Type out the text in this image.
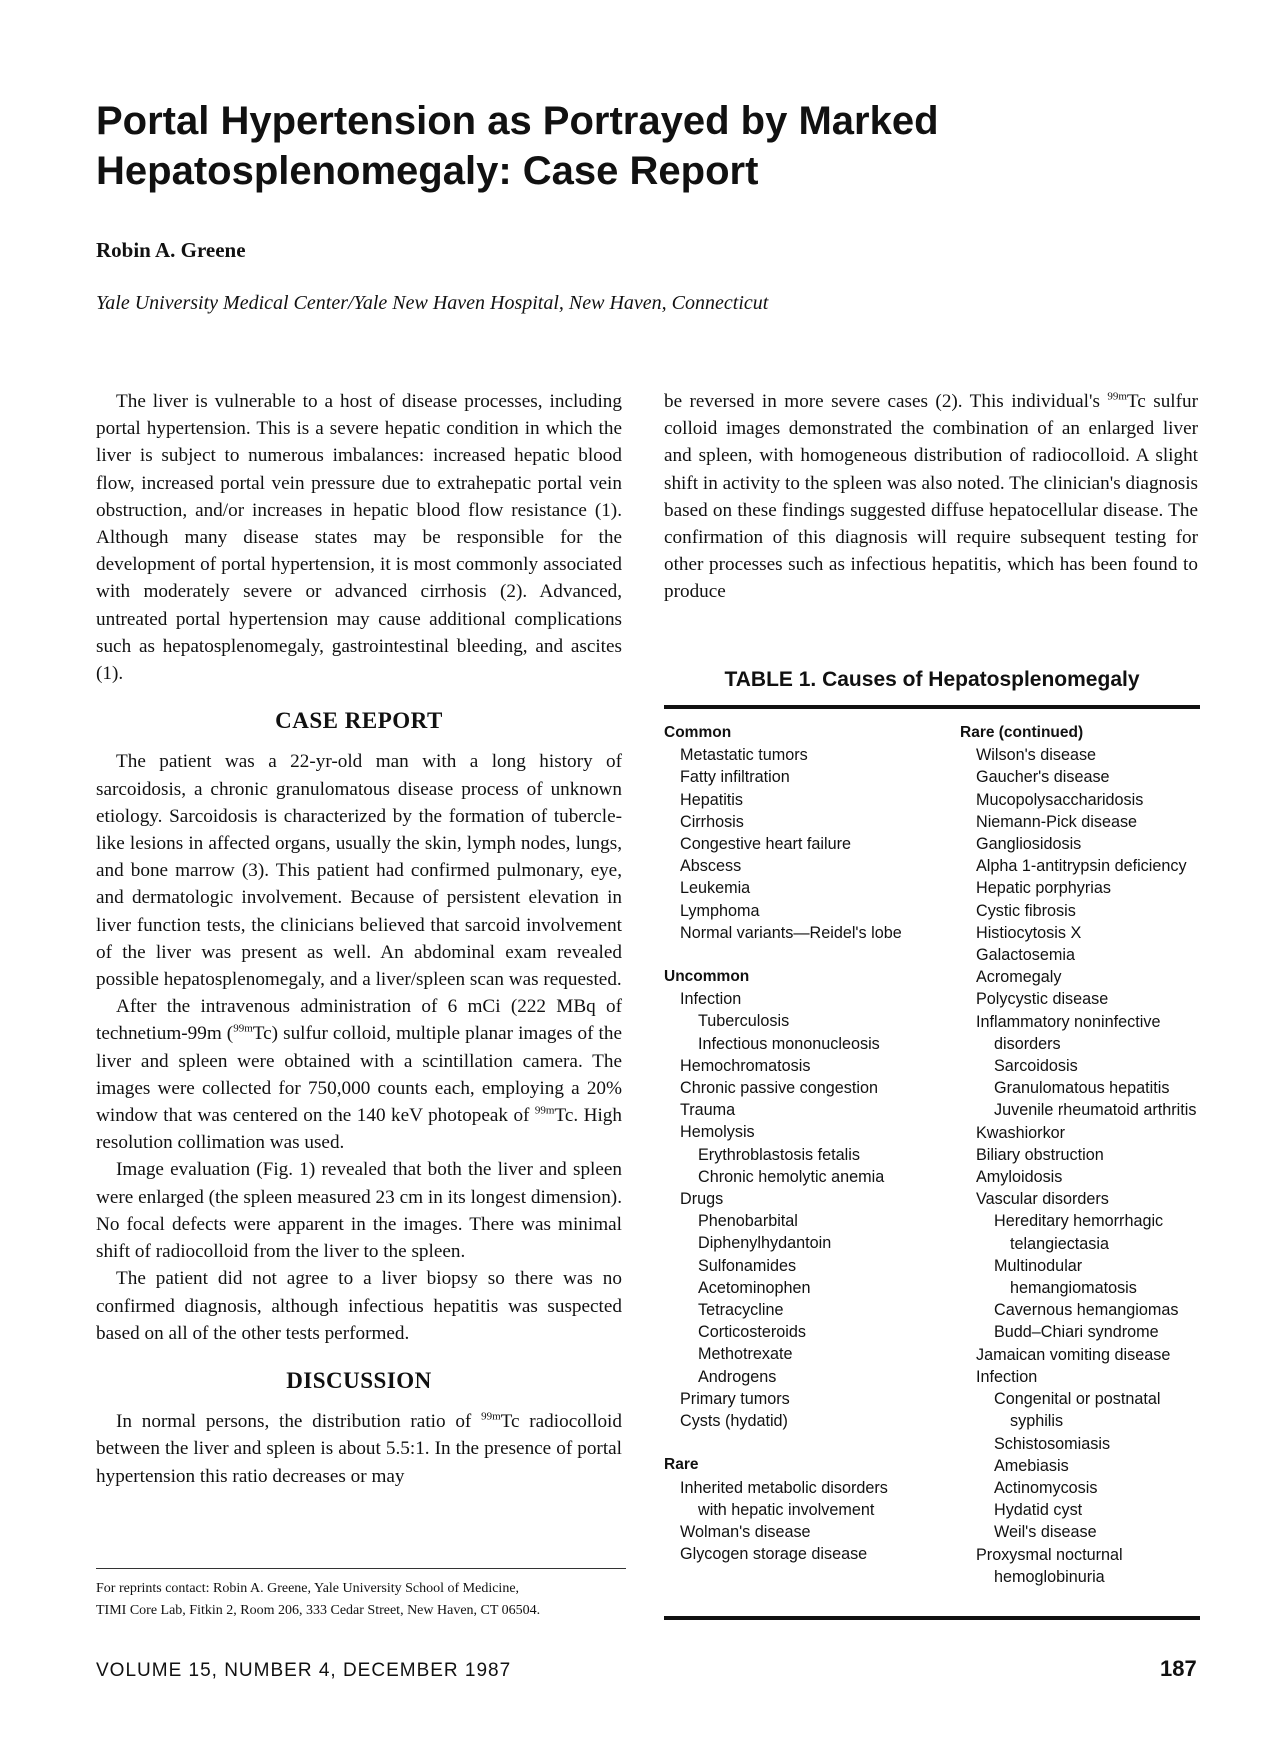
Portal Hypertension as Portrayed by Marked Hepatosplenomegaly: Case Report
Robin A. Greene
Yale University Medical Center/Yale New Haven Hospital, New Haven, Connecticut

The liver is vulnerable to a host of disease processes, including portal hypertension. This is a severe hepatic condition in which the liver is subject to numerous imbalances: increased hepatic blood flow, increased portal vein pressure due to extrahepatic portal vein obstruction, and/or increases in hepatic blood flow resistance (1). Although many disease states may be responsible for the development of portal hypertension, it is most commonly associated with moderately severe or advanced cirrhosis (2). Advanced, untreated portal hypertension may cause additional complications such as hepatosplenomegaly, gastrointestinal bleeding, and ascites (1).

CASE REPORT

The patient was a 22-yr-old man with a long history of sarcoidosis, a chronic granulomatous disease process of unknown etiology. Sarcoidosis is characterized by the formation of tubercle-like lesions in affected organs, usually the skin, lymph nodes, lungs, and bone marrow (3). This patient had confirmed pulmonary, eye, and dermatologic involvement. Because of persistent elevation in liver function tests, the clinicians believed that sarcoid involvement of the liver was present as well. An abdominal exam revealed possible hepatosplenomegaly, and a liver/spleen scan was requested.

After the intravenous administration of 6 mCi (222 MBq of technetium-99m ($^{99m}$Tc) sulfur colloid, multiple planar images of the liver and spleen were obtained with a scintillation camera. The images were collected for 750,000 counts each, employing a 20% window that was centered on the 140 keV photopeak of $^{99m}$Tc. High resolution collimation was used.

Image evaluation (Fig. 1) revealed that both the liver and spleen were enlarged (the spleen measured 23 cm in its longest dimension). No focal defects were apparent in the images. There was minimal shift of radiocolloid from the liver to the spleen.

The patient did not agree to a liver biopsy so there was no confirmed diagnosis, although infectious hepatitis was suspected based on all of the other tests performed.

DISCUSSION

In normal persons, the distribution ratio of $^{99m}$Tc radiocolloid between the liver and spleen is about 5.5:1. In the presence of portal hypertension this ratio decreases or may

be reversed in more severe cases (2). This individual's $^{99m}$Tc sulfur colloid images demonstrated the combination of an enlarged liver and spleen, with homogeneous distribution of radiocolloid. A slight shift in activity to the spleen was also noted. The clinician's diagnosis based on these findings suggested diffuse hepatocellular disease. The confirmation of this diagnosis will require subsequent testing for other processes such as infectious hepatitis, which has been found to produce

For reprints contact: Robin A. Greene, Yale University School of Medicine,
TIMI Core Lab, Fitkin 2, Room 206, 333 Cedar Street, New Haven, CT 06504.
TABLE 1. Causes of Hepatosplenomegaly
Common
Metastatic tumors
Fatty infiltration
Hepatitis
Cirrhosis
Congestive heart failure
Abscess
Leukemia
Lymphoma
Normal variants—Reidel's lobe
Uncommon
Infection
Tuberculosis
Infectious mononucleosis
Hemochromatosis
Chronic passive congestion
Trauma
Hemolysis
Erythroblastosis fetalis
Chronic hemolytic anemia
Drugs
Phenobarbital
Diphenylhydantoin
Sulfonamides
Acetominophen
Tetracycline
Corticosteroids
Methotrexate
Androgens
Primary tumors
Cysts (hydatid)
Rare
Inherited metabolic disorders
with hepatic involvement
Wolman's disease
Glycogen storage disease
Rare (continued)
Wilson's disease
Gaucher's disease
Mucopolysaccharidosis
Niemann-Pick disease
Gangliosidosis
Alpha 1-antitrypsin deficiency
Hepatic porphyrias
Cystic fibrosis
Histiocytosis X
Galactosemia
Acromegaly
Polycystic disease
Inflammatory noninfective
disorders
Sarcoidosis
Granulomatous hepatitis
Juvenile rheumatoid arthritis
Kwashiorkor
Biliary obstruction
Amyloidosis
Vascular disorders
Hereditary hemorrhagic
telangiectasia
Multinodular
hemangiomatosis
Cavernous hemangiomas
Budd–Chiari syndrome
Jamaican vomiting disease
Infection
Congenital or postnatal
syphilis
Schistosomiasis
Amebiasis
Actinomycosis
Hydatid cyst
Weil's disease
Proxysmal nocturnal
hemoglobinuria
VOLUME 15, NUMBER 4, DECEMBER 1987	187
